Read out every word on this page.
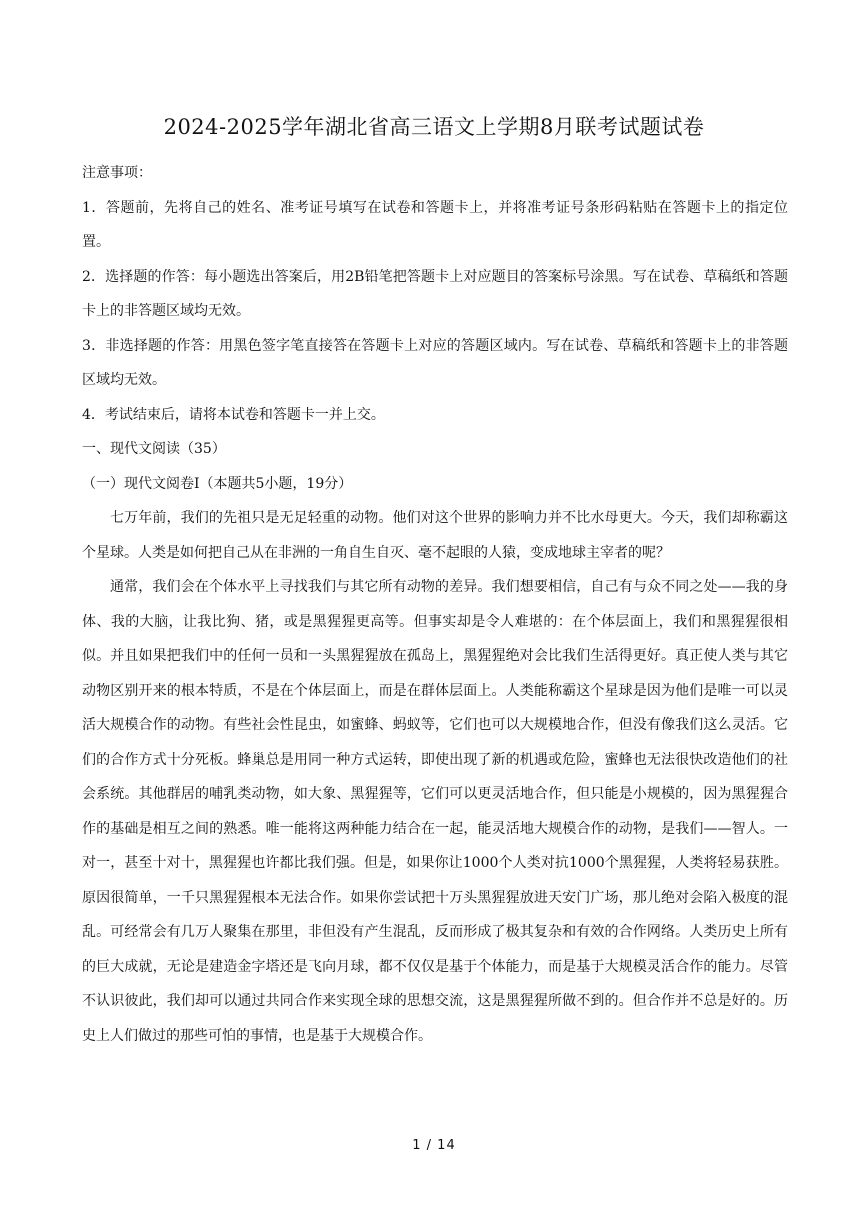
2024-2025学年湖北省高三语文上学期8月联考试题试卷

注意事项：

1．答题前，先将自己的姓名、准考证号填写在试卷和答题卡上，并将准考证号条形码粘贴在答题卡上的指定位置。

2．选择题的作答：每小题选出答案后，用2B铅笔把答题卡上对应题目的答案标号涂黑。写在试卷、草稿纸和答题卡上的非答题区域均无效。

3．非选择题的作答：用黑色签字笔直接答在答题卡上对应的答题区域内。写在试卷、草稿纸和答题卡上的非答题区域均无效。

4．考试结束后，请将本试卷和答题卡一并上交。

一、现代文阅读（35）

（一）现代文阅卷Ⅰ（本题共5小题，19分）

七万年前，我们的先祖只是无足轻重的动物。他们对这个世界的影响力并不比水母更大。今天，我们却称霸这个星球。人类是如何把自己从在非洲的一角自生自灭、毫不起眼的人猿，变成地球主宰者的呢？

通常，我们会在个体水平上寻找我们与其它所有动物的差异。我们想要相信，自己有与众不同之处——我的身体、我的大脑，让我比狗、猪，或是黑猩猩更高等。但事实却是令人难堪的：在个体层面上，我们和黑猩猩很相似。并且如果把我们中的任何一员和一头黑猩猩放在孤岛上，黑猩猩绝对会比我们生活得更好。真正使人类与其它动物区别开来的根本特质，不是在个体层面上，而是在群体层面上。人类能称霸这个星球是因为他们是唯一可以灵活大规模合作的动物。有些社会性昆虫，如蜜蜂、蚂蚁等，它们也可以大规模地合作，但没有像我们这么灵活。它们的合作方式十分死板。蜂巢总是用同一种方式运转，即使出现了新的机遇或危险，蜜蜂也无法很快改造他们的社会系统。其他群居的哺乳类动物，如大象、黑猩猩等，它们可以更灵活地合作，但只能是小规模的，因为黑猩猩合作的基础是相互之间的熟悉。唯一能将这两种能力结合在一起，能灵活地大规模合作的动物，是我们——智人。一对一，甚至十对十，黑猩猩也许都比我们强。但是，如果你让1000个人类对抗1000个黑猩猩，人类将轻易获胜。原因很简单，一千只黑猩猩根本无法合作。如果你尝试把十万头黑猩猩放进天安门广场，那儿绝对会陷入极度的混乱。可经常会有几万人聚集在那里，非但没有产生混乱，反而形成了极其复杂和有效的合作网络。人类历史上所有的巨大成就，无论是建造金字塔还是飞向月球，都不仅仅是基于个体能力，而是基于大规模灵活合作的能力。尽管不认识彼此，我们却可以通过共同合作来实现全球的思想交流，这是黑猩猩所做不到的。但合作并不总是好的。历史上人们做过的那些可怕的事情，也是基于大规模合作。

1 / 14
